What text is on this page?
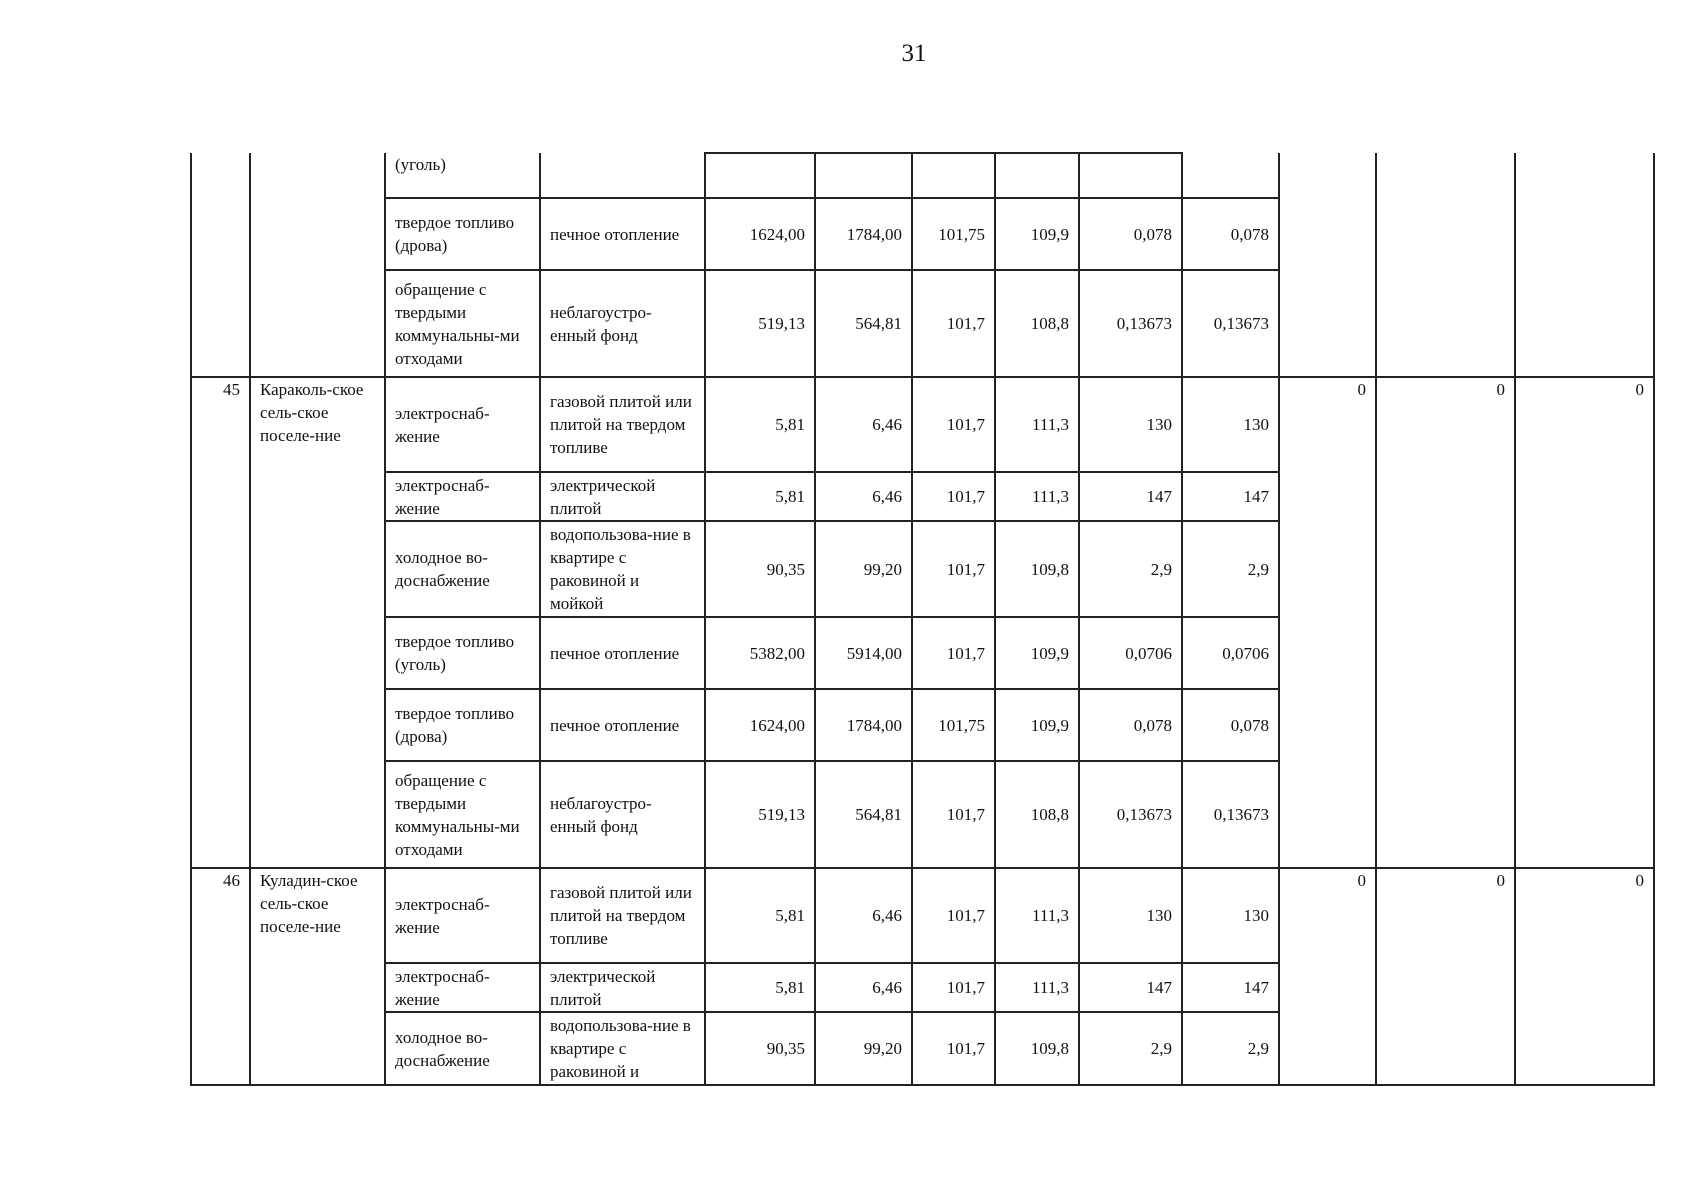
31
		(уголь)										
		твердое топливо (дрова)	печное отопление	1624,00	1784,00	101,75	109,9	0,078	0,078			
		обращение с твердыми коммунальны-ми отходами	неблагоустро-енный фонд	519,13	564,81	101,7	108,8	0,13673	0,13673			
45	Караколь-ское сель-ское поселе-ние	электроснаб-жение	газовой плитой или плитой на твердом топливе	5,81	6,46	101,7	111,3	130	130	0	0	0
		электроснаб-жение	электрической плитой	5,81	6,46	101,7	111,3	147	147			
		холодное во-доснабжение	водопользова-ние в квартире с раковиной и мойкой	90,35	99,20	101,7	109,8	2,9	2,9			
		твердое топливо (уголь)	печное отопление	5382,00	5914,00	101,7	109,9	0,0706	0,0706			
		твердое топливо (дрова)	печное отопление	1624,00	1784,00	101,75	109,9	0,078	0,078			
		обращение с твердыми коммунальны-ми отходами	неблагоустро-енный фонд	519,13	564,81	101,7	108,8	0,13673	0,13673			
46	Куладин-ское сель-ское поселе-ние	электроснаб-жение	газовой плитой или плитой на твердом топливе	5,81	6,46	101,7	111,3	130	130	0	0	0
		электроснаб-жение	электрической плитой	5,81	6,46	101,7	111,3	147	147			
		холодное во-доснабжение	водопользова-ние в квартире с раковиной и	90,35	99,20	101,7	109,8	2,9	2,9			
